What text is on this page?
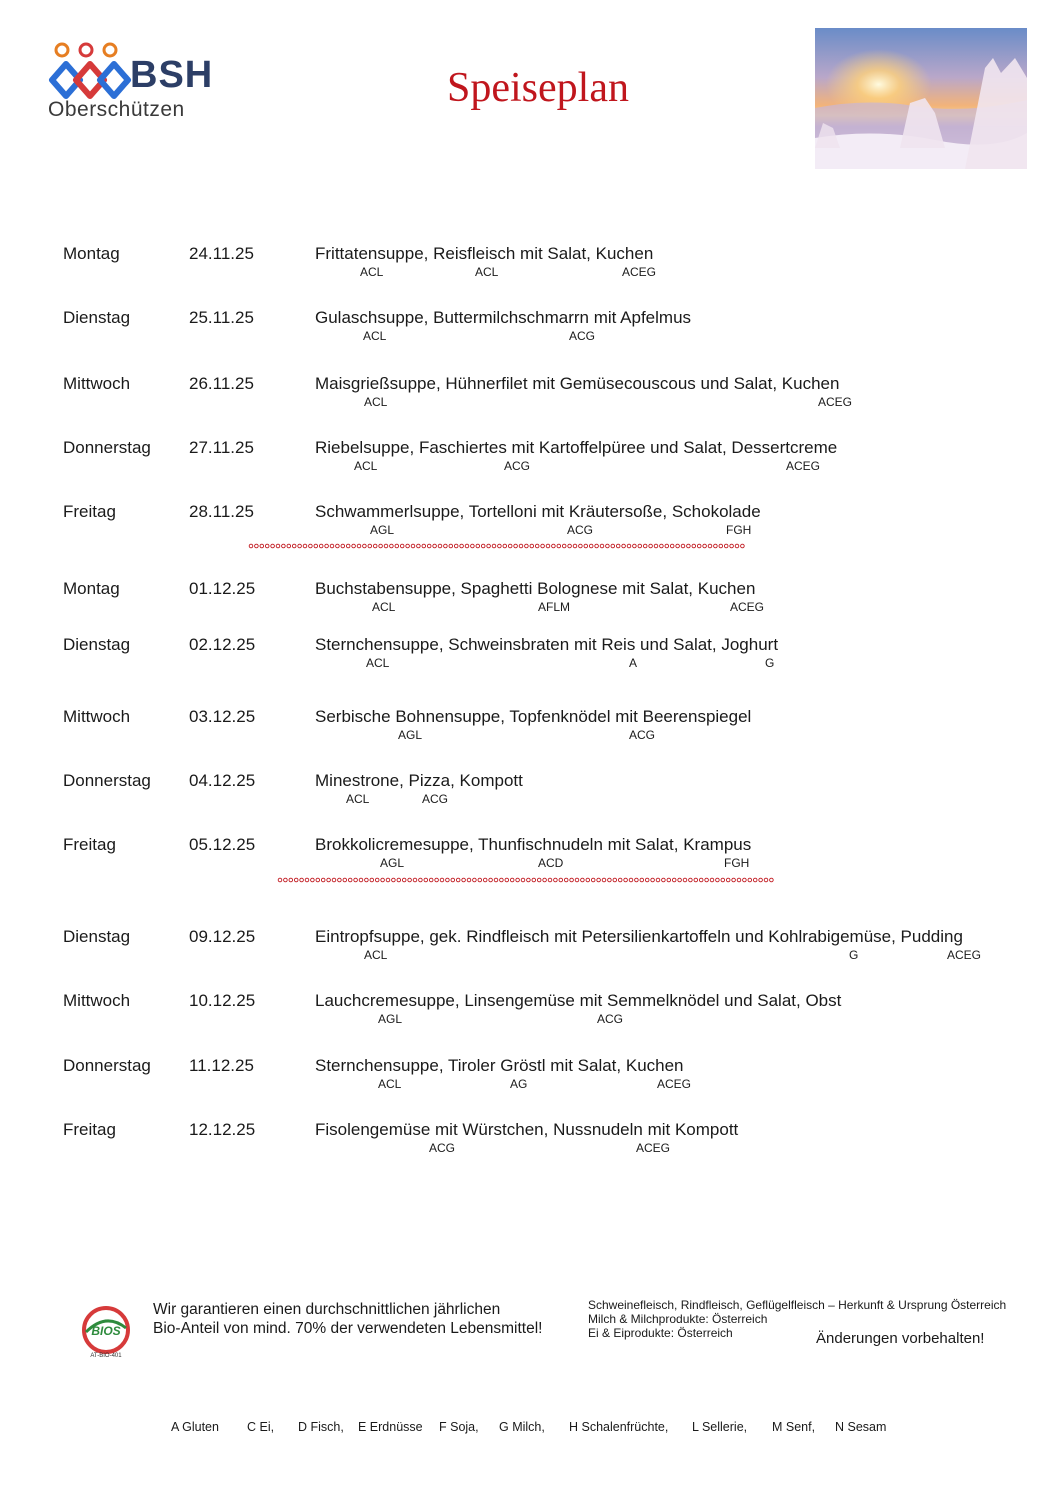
BSH
Oberschützen	Speiseplan
Montag	24.11.25	Frittatensuppe, Reisfleisch mit Salat, Kuchen
ACL	ACL	ACEG
Dienstag	25.11.25	Gulaschsuppe, Buttermilchschmarrn mit Apfelmus
ACL	ACG
Mittwoch	26.11.25	Maisgrießsuppe, Hühnerfilet mit Gemüsecouscous und Salat, Kuchen
ACL	ACEG
Donnerstag 27.11.25	Riebelsuppe, Faschiertes mit Kartoffelpüree und Salat, Dessertcreme
ACL	ACG	ACEG
Freitag	28.11.25	Schwammerlsuppe, Tortelloni mit Kräutersoße, Schokolade
AGL	ACG	FGH
Montag	01.12.25	Buchstabensuppe, Spaghetti Bolognese mit Salat, Kuchen
ACL	AFLM	ACEG
Dienstag	02.12.25	Sternchensuppe, Schweinsbraten mit Reis und Salat, Joghurt
ACL	A	G
Mittwoch	03.12.25	Serbische Bohnensuppe, Topfenknödel mit Beerenspiegel
AGL	ACG
Donnerstag 04.12.25	Minestrone, Pizza, Kompott
ACL	ACG
Freitag	05.12.25	Brokkolicremesuppe, Thunfischnudeln mit Salat, Krampus
AGL	ACD	FGH
Dienstag	09.12.25	Eintropfsuppe, gek. Rindfleisch mit Petersilienkartoffeln und Kohlrabigemüse, Pudding
ACL	G	ACEG
Mittwoch	10.12.25	Lauchcremesuppe, Linsengemüse mit Semmelknödel und Salat, Obst
AGL	ACG
Donnerstag 11.12.25	Sternchensuppe, Tiroler Gröstl mit Salat, Kuchen
ACL	AG	ACEG
Freitag	12.12.25	Fisolengemüse mit Würstchen, Nussnudeln mit Kompott
ACG	ACEG
BIOS
AT-BIO-401
Wir garantieren einen durchschnittlichen jährlichen
Bio-Anteil von mind. 70% der verwendeten Lebensmittel!
Schweinefleisch, Rindfleisch, Geflügelfleisch – Herkunft & Ursprung Österreich
Milch & Milchprodukte: Österreich
Ei & Eiprodukte: Österreich	Änderungen vorbehalten!
A Gluten C Ei, D Fisch, E Erdnüsse F Soja, G Milch, H Schalenfrüchte, L Sellerie, M Senf, N Sesam
